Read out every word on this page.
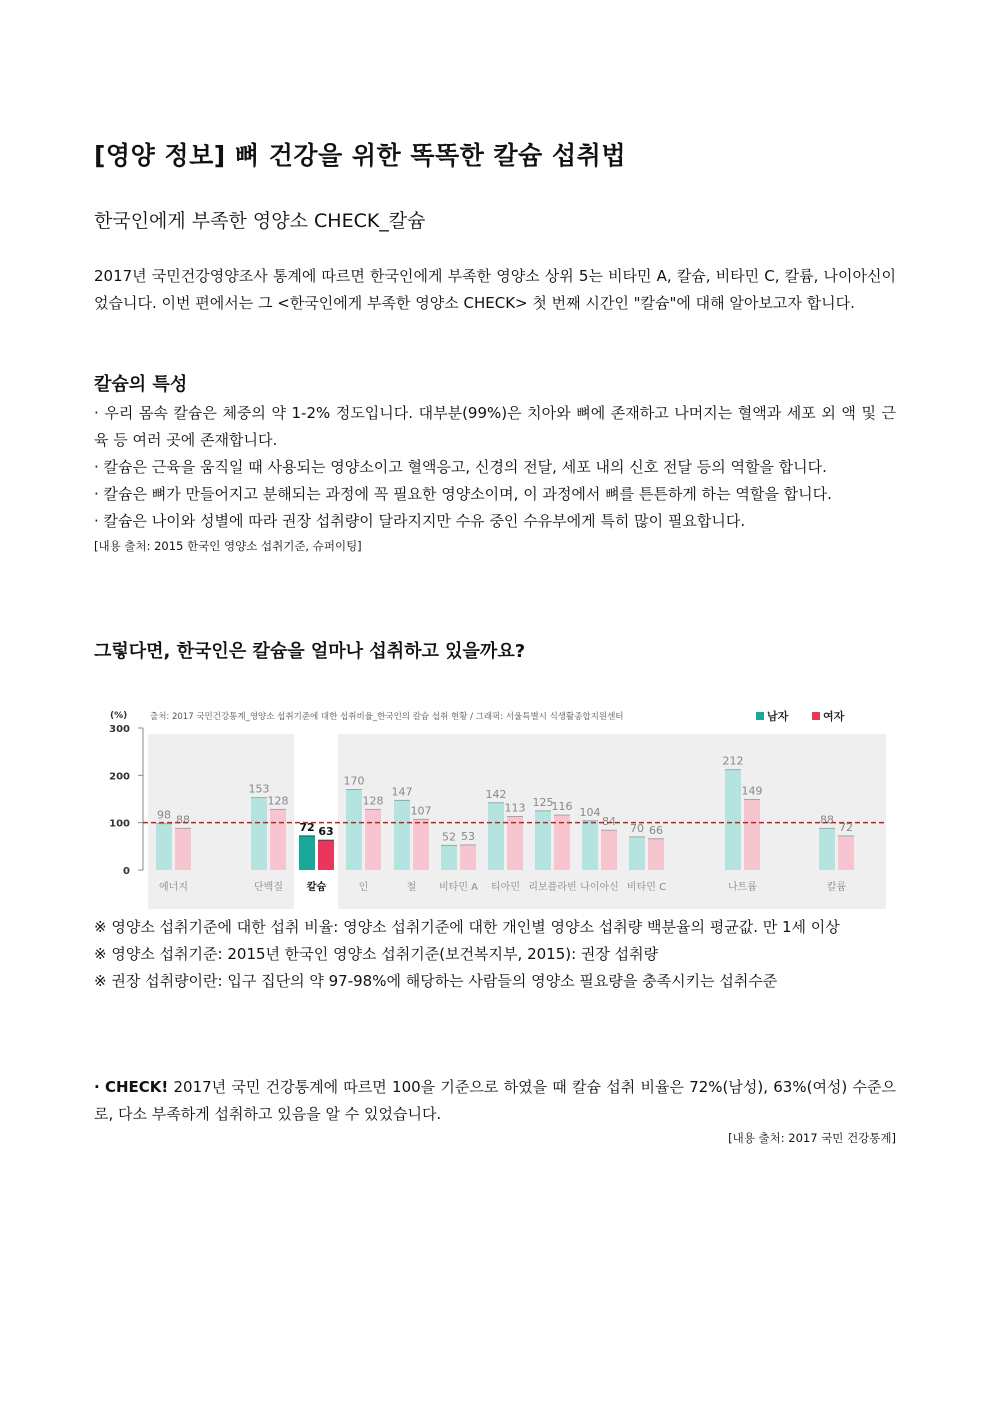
[영양 정보] 뼈 건강을 위한 똑똑한 칼슘 섭취법
한국인에게 부족한 영양소 CHECK_칼슘
2017년 국민건강영양조사 통계에 따르면 한국인에게 부족한 영양소 상위 5는 비타민 A, 칼슘, 비타민 C, 칼륨, 나이아신이었습니다. 이번 편에서는 그 <한국인에게 부족한 영양소 CHECK> 첫 번째 시간인 "칼슘"에 대해 알아보고자 합니다.
칼슘의 특성

· 우리 몸속 칼슘은 체중의 약 1-2% 정도입니다. 대부분(99%)은 치아와 뼈에 존재하고 나머지는 혈액과 세포 외 액 및 근육 등 여러 곳에 존재합니다.

· 칼슘은 근육을 움직일 때 사용되는 영양소이고 혈액응고, 신경의 전달, 세포 내의 신호 전달 등의 역할을 합니다.

· 칼슘은 뼈가 만들어지고 분해되는 과정에 꼭 필요한 영양소이며, 이 과정에서 뼈를 튼튼하게 하는 역할을 합니다.

· 칼슘은 나이와 성별에 따라 권장 섭취량이 달라지지만 수유 중인 수유부에게 특히 많이 필요합니다.

[내용 출처: 2015 한국인 영양소 섭취기준, 슈퍼이팅]
그렇다면, 한국인은 칼슘을 얼마나 섭취하고 있을까요?
출처: 2017 국민건강통계_영양소 섭취기준에 대한 섭취비율_한국인의 칼슘 섭취 현황 / 그래픽: 서울특별시 식생활종합지원센터
(%)
0
100
200
300
98 88
에너지
153
128
단백질
72 63
칼슘
170
128
인
147
107
철
52 53
비타민 A
142
113
티아민
125
116
리보플라빈
104
84
나이아신
70 66
비타민 C
212
149
나트륨
88
72
칼륨
남자	여자

※ 영양소 섭취기준에 대한 섭취 비율: 영양소 섭취기준에 대한 개인별 영양소 섭취량 백분율의 평균값. 만 1세 이상

※ 영양소 섭취기준: 2015년 한국인 영양소 섭취기준(보건복지부, 2015): 권장 섭취량

※ 권장 섭취량이란: 입구 집단의 약 97-98%에 해당하는 사람들의 영양소 필요량을 충족시키는 섭취수준

· CHECK! 2017년 국민 건강통계에 따르면 100을 기준으로 하였을 때 칼슘 섭취 비율은 72%(남성), 63%(여성) 수준으로, 다소 부족하게 섭취하고 있음을 알 수 있었습니다.

[내용 출처: 2017 국민 건강통계]
